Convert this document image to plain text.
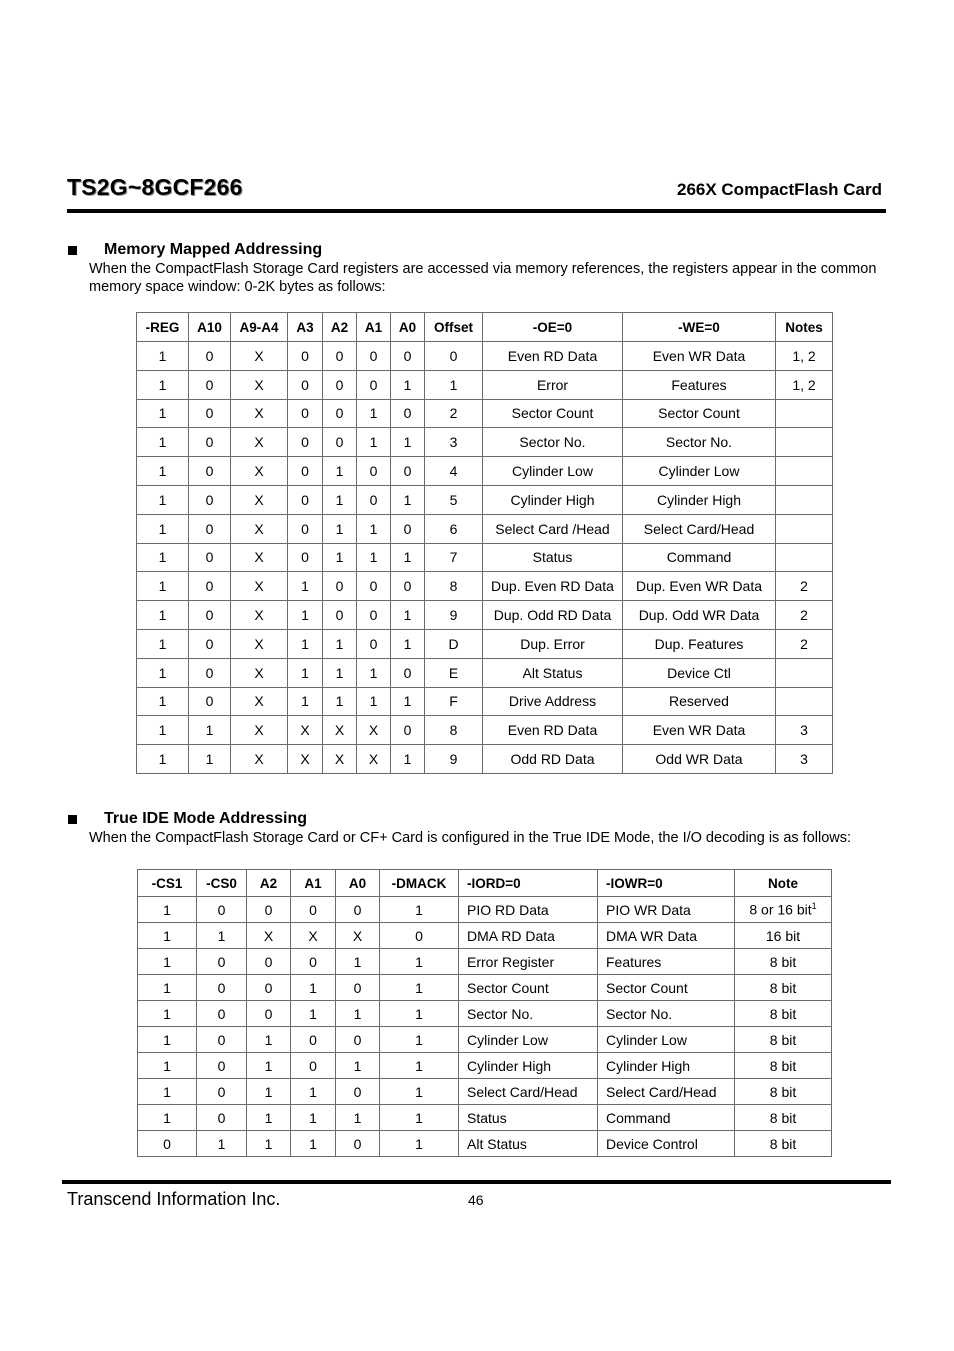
TS2G~8GCF266	266X CompactFlash Card
Memory Mapped Addressing
When the CompactFlash Storage Card registers are accessed via memory references, the registers appear in the common memory space window: 0-2K bytes as follows:
-REG	A10	A9-A4	A3	A2	A1	A0	Offset	-OE=0	-WE=0	Notes
1	0	X	0	0	0	0	0	Even RD Data	Even WR Data	1, 2
1	0	X	0	0	0	1	1	Error	Features	1, 2
1	0	X	0	0	1	0	2	Sector Count	Sector Count	
1	0	X	0	0	1	1	3	Sector No.	Sector No.	
1	0	X	0	1	0	0	4	Cylinder Low	Cylinder Low	
1	0	X	0	1	0	1	5	Cylinder High	Cylinder High	
1	0	X	0	1	1	0	6	Select Card /Head	Select Card/Head	
1	0	X	0	1	1	1	7	Status	Command	
1	0	X	1	0	0	0	8	Dup. Even RD Data	Dup. Even WR Data	2
1	0	X	1	0	0	1	9	Dup. Odd RD Data	Dup. Odd WR Data	2
1	0	X	1	1	0	1	D	Dup. Error	Dup. Features	2
1	0	X	1	1	1	0	E	Alt Status	Device Ctl	
1	0	X	1	1	1	1	F	Drive Address	Reserved	
1	1	X	X	X	X	0	8	Even RD Data	Even WR Data	3
1	1	X	X	X	X	1	9	Odd RD Data	Odd WR Data	3
True IDE Mode Addressing
When the CompactFlash Storage Card or CF+ Card is configured in the True IDE Mode, the I/O decoding is as follows:
-CS1	-CS0	A2	A1	A0	-DMACK	-IORD=0	-IOWR=0	Note
1	0	0	0	0	1	PIO RD Data	PIO WR Data	8 or 16 bit$^1$
1	1	X	X	X	0	DMA RD Data	DMA WR Data	16 bit
1	0	0	0	1	1	Error Register	Features	8 bit
1	0	0	1	0	1	Sector Count	Sector Count	8 bit
1	0	0	1	1	1	Sector No.	Sector No.	8 bit
1	0	1	0	0	1	Cylinder Low	Cylinder Low	8 bit
1	0	1	0	1	1	Cylinder High	Cylinder High	8 bit
1	0	1	1	0	1	Select Card/Head	Select Card/Head	8 bit
1	0	1	1	1	1	Status	Command	8 bit
0	1	1	1	0	1	Alt Status	Device Control	8 bit
Transcend Information Inc.	46
